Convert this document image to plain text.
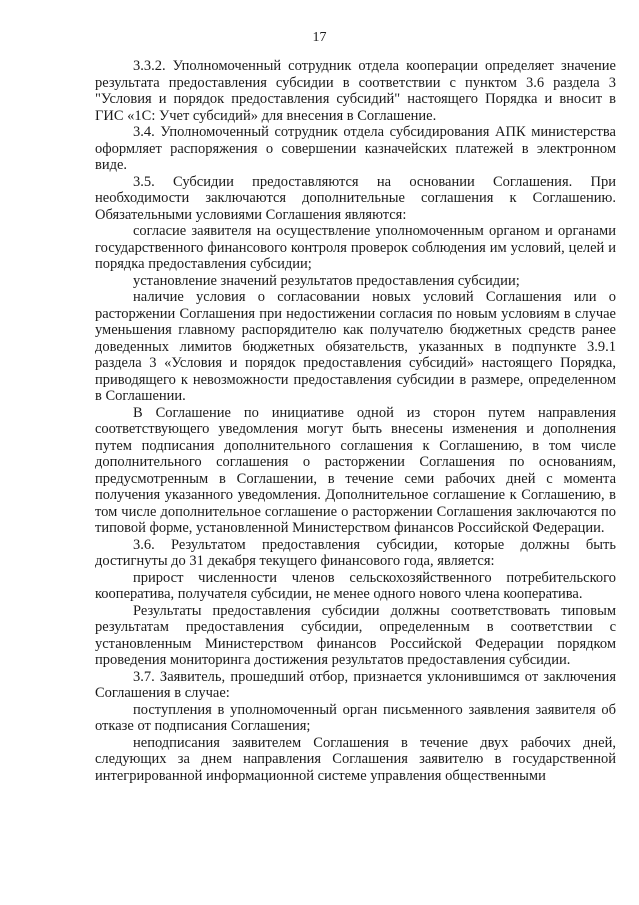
17

3.3.2. Уполномоченный сотрудник отдела кооперации определяет значение результата предоставления субсидии в соответствии с пунктом 3.6 раздела 3 "Условия и порядок предоставления субсидий" настоящего Порядка и вносит в ГИС «1С: Учет субсидий» для внесения в Соглашение.

3.4. Уполномоченный сотрудник отдела субсидирования АПК министерства оформляет распоряжения о совершении казначейских платежей в электронном виде.

3.5. Субсидии предоставляются на основании Соглашения. При необходимости заключаются дополнительные соглашения к Соглашению. Обязательными условиями Соглашения являются:

согласие заявителя на осуществление уполномоченным органом и органами государственного финансового контроля проверок соблюдения им условий, целей и порядка предоставления субсидии;

установление значений результатов предоставления субсидии;

наличие условия о согласовании новых условий Соглашения или о расторжении Соглашения при недостижении согласия по новым условиям в случае уменьшения главному распорядителю как получателю бюджетных средств ранее доведенных лимитов бюджетных обязательств, указанных в подпункте 3.9.1 раздела 3 «Условия и порядок предоставления субсидий» настоящего Порядка, приводящего к невозможности предоставления субсидии в размере, определенном в Соглашении.

В Соглашение по инициативе одной из сторон путем направления соответствующего уведомления могут быть внесены изменения и дополнения путем подписания дополнительного соглашения к Соглашению, в том числе дополнительного соглашения о расторжении Соглашения по основаниям, предусмотренным в Соглашении, в течение семи рабочих дней с момента получения указанного уведомления. Дополнительное соглашение к Соглашению, в том числе дополнительное соглашение о расторжении Соглашения заключаются по типовой форме, установленной Министерством финансов Российской Федерации.

3.6. Результатом предоставления субсидии, которые должны быть достигнуты до 31 декабря текущего финансового года, является:

прирост численности членов сельскохозяйственного потребительского кооператива, получателя субсидии, не менее одного нового члена кооператива.

Результаты предоставления субсидии должны соответствовать типовым результатам предоставления субсидии, определенным в соответствии с установленным Министерством финансов Российской Федерации порядком проведения мониторинга достижения результатов предоставления субсидии.

3.7. Заявитель, прошедший отбор, признается уклонившимся от заключения Соглашения в случае:

поступления в уполномоченный орган письменного заявления заявителя об отказе от подписания Соглашения;

неподписания заявителем Соглашения в течение двух рабочих дней, следующих за днем направления Соглашения заявителю в государственной интегрированной информационной системе управления общественными
